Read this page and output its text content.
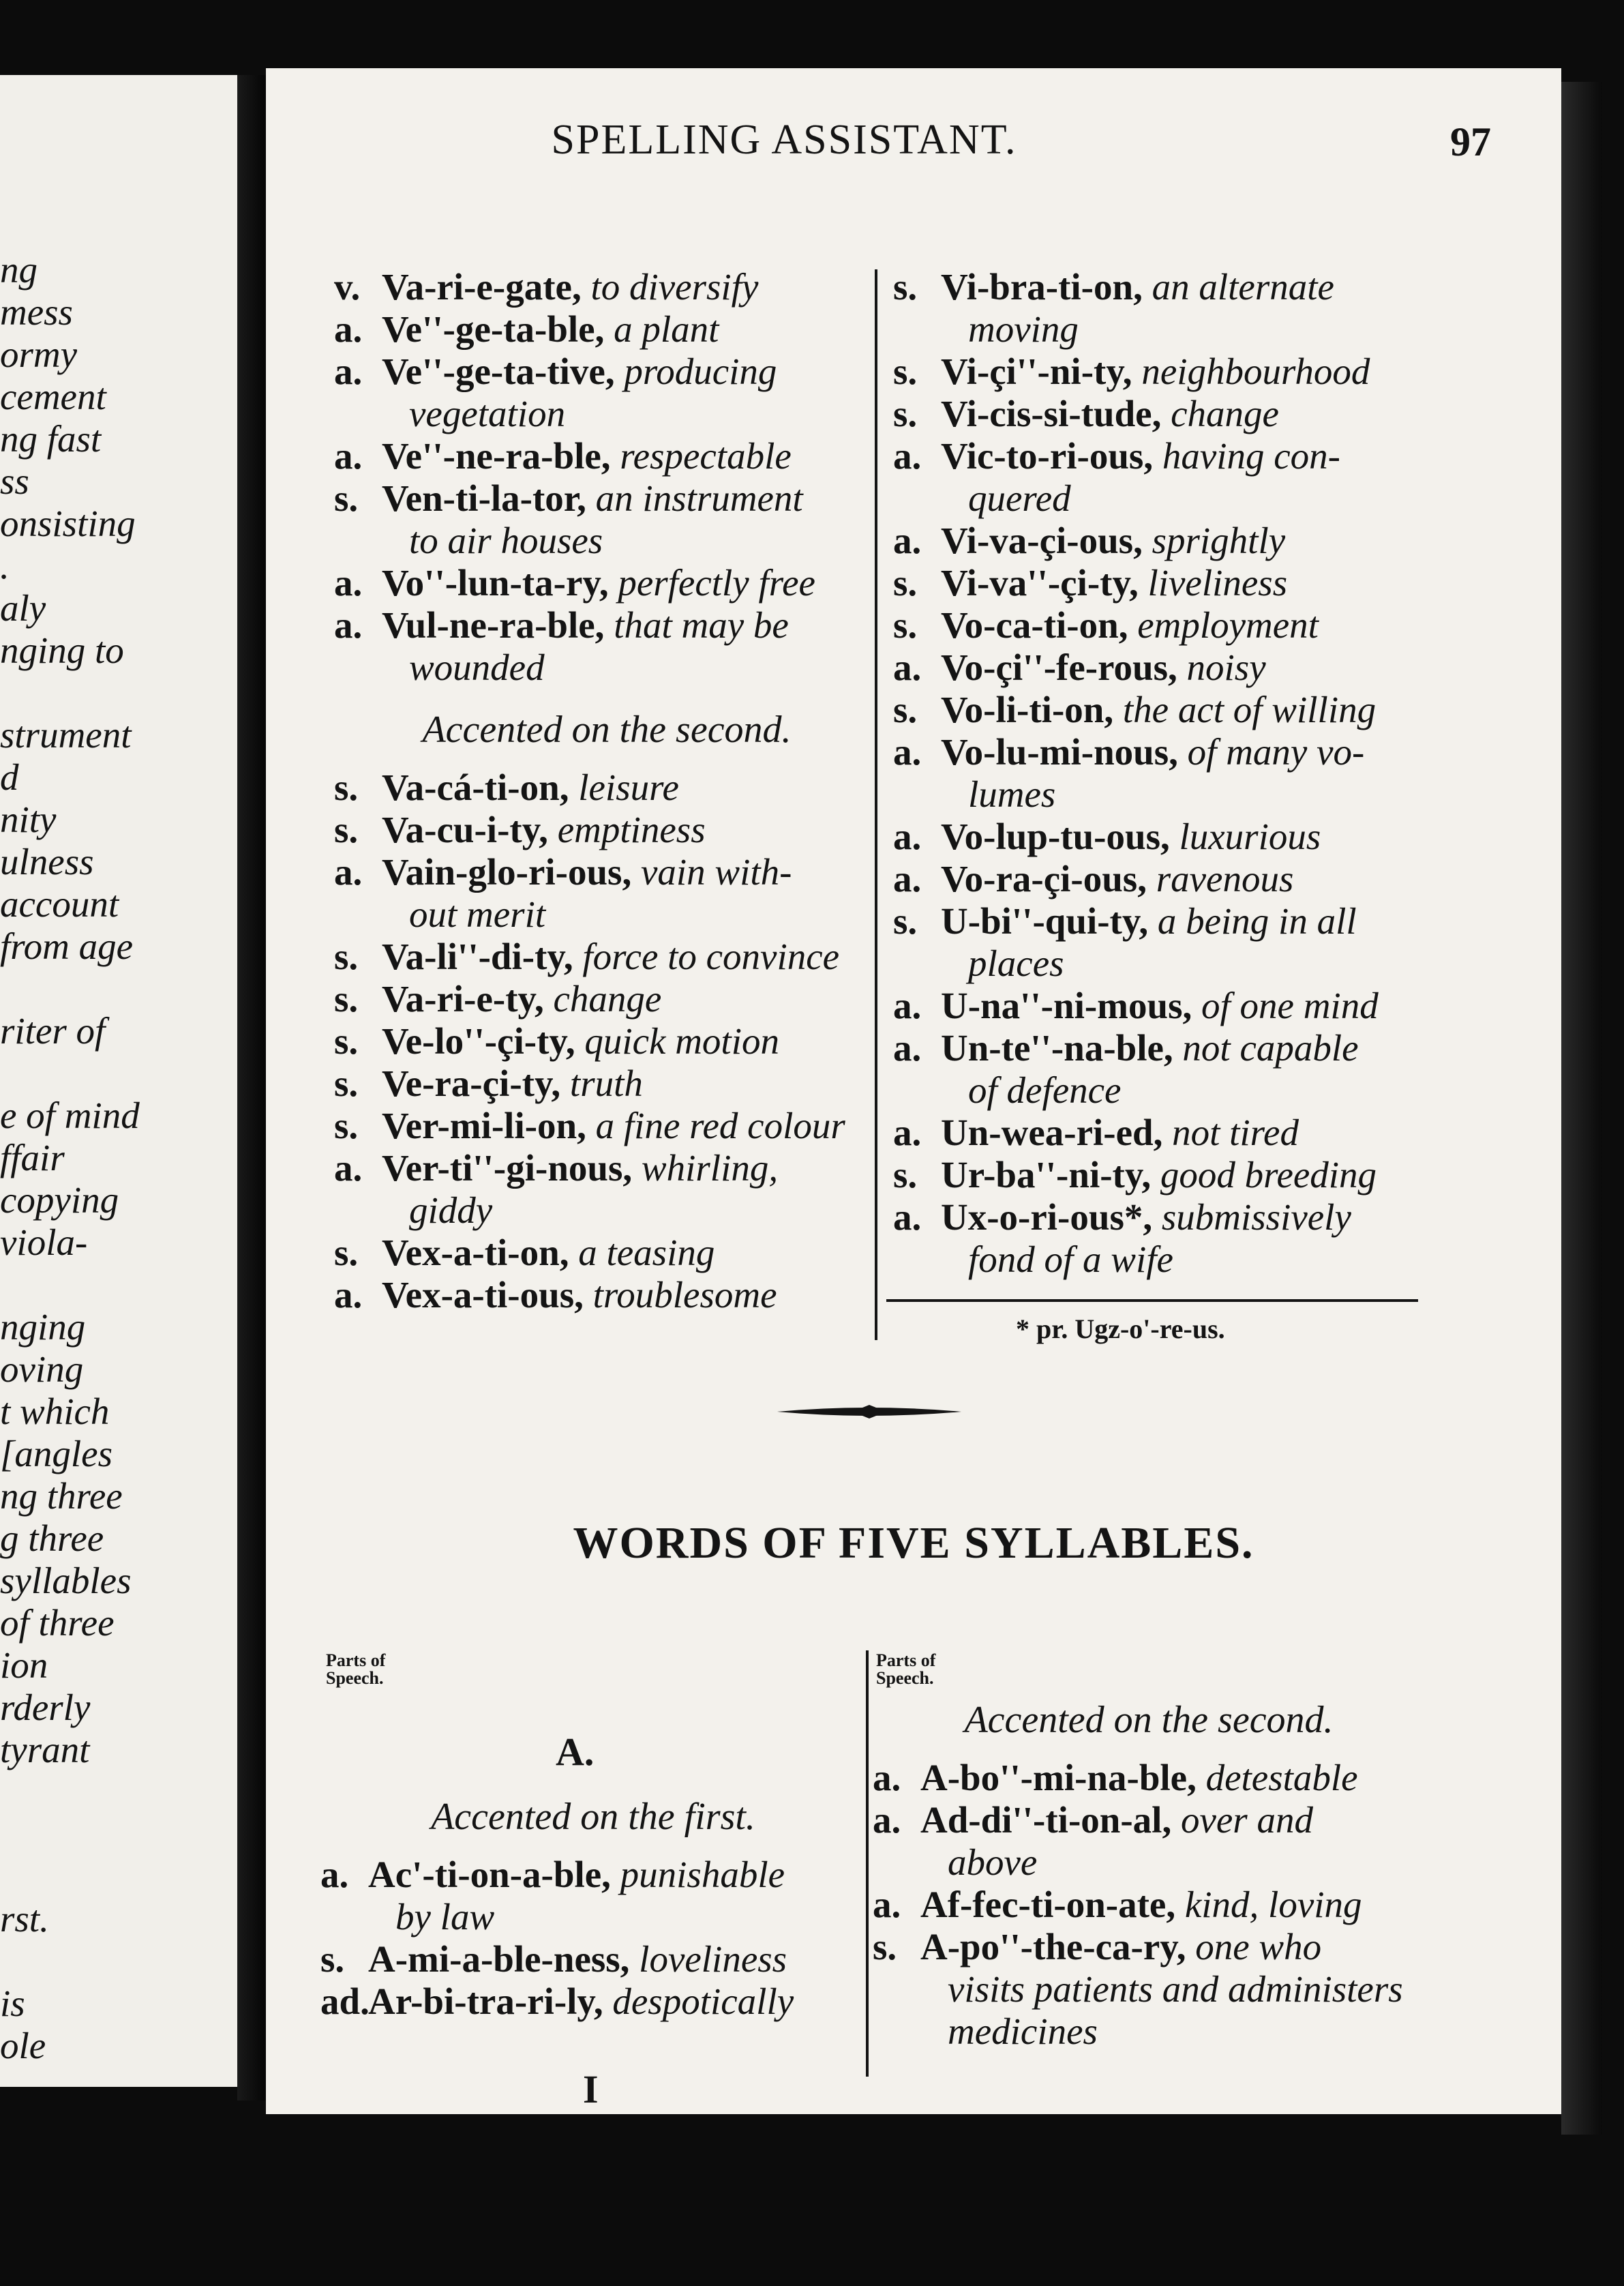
ng
mess
ormy
cement
ng fast
ss
onsisting
.
aly
nging to
strument
d
nity
ulness
account
from age
riter of
e of mind
ffair
copying
viola-
nging
oving
t which
[angles
ng three
g three
syllables
of three
ion
rderly
tyrant
rst.
is
ole
SPELLING ASSISTANT.	97
v. Va-ri-e-gate, to diversify
a. Ve''-ge-ta-ble, a plant
a. Ve''-ge-ta-tive, producing
vegetation
a. Ve''-ne-ra-ble, respectable
s. Ven-ti-la-tor, an instrument
to air houses
a. Vo''-lun-ta-ry, perfectly free
a. Vul-ne-ra-ble, that may be
wounded
Accented on the second.
s. Va-cá-ti-on, leisure
s. Va-cu-i-ty, emptiness
a. Vain-glo-ri-ous, vain with-
out merit
s. Va-li''-di-ty, force to convince
s. Va-ri-e-ty, change
s. Ve-lo''-çi-ty, quick motion
s. Ve-ra-çi-ty, truth
s. Ver-mi-li-on, a fine red colour
a. Ver-ti''-gi-nous, whirling,
giddy
s. Vex-a-ti-on, a teasing
a. Vex-a-ti-ous, troublesome
s. Vi-bra-ti-on, an alternate
moving
s. Vi-çi''-ni-ty, neighbourhood
s. Vi-cis-si-tude, change
a. Vic-to-ri-ous, having con-
quered
a. Vi-va-çi-ous, sprightly
s. Vi-va''-çi-ty, liveliness
s. Vo-ca-ti-on, employment
a. Vo-çi''-fe-rous, noisy
s. Vo-li-ti-on, the act of willing
a. Vo-lu-mi-nous, of many vo-
lumes
a. Vo-lup-tu-ous, luxurious
a. Vo-ra-çi-ous, ravenous
s. U-bi''-qui-ty, a being in all
places
a. U-na''-ni-mous, of one mind
a. Un-te''-na-ble, not capable
of defence
a. Un-wea-ri-ed, not tired
s. Ur-ba''-ni-ty, good breeding
a. Ux-o-ri-ous*, submissively
fond of a wife
* pr. Ugz-o'-re-us.
WORDS OF FIVE SYLLABLES.
Parts of
Speech.
Parts of
Speech.
A.
Accented on the first.
a. Ac'-ti-on-a-ble, punishable
by law
s. A-mi-a-ble-ness, loveliness
ad.
Ar-bi-tra-ri-ly, despotically
Accented on the second.
a. A-bo''-mi-na-ble, detestable
a. Ad-di''-ti-on-al, over and
above
a. Af-fec-ti-on-ate, kind, loving
s. A-po''-the-ca-ry, one who
visits patients and administers medicines
I
